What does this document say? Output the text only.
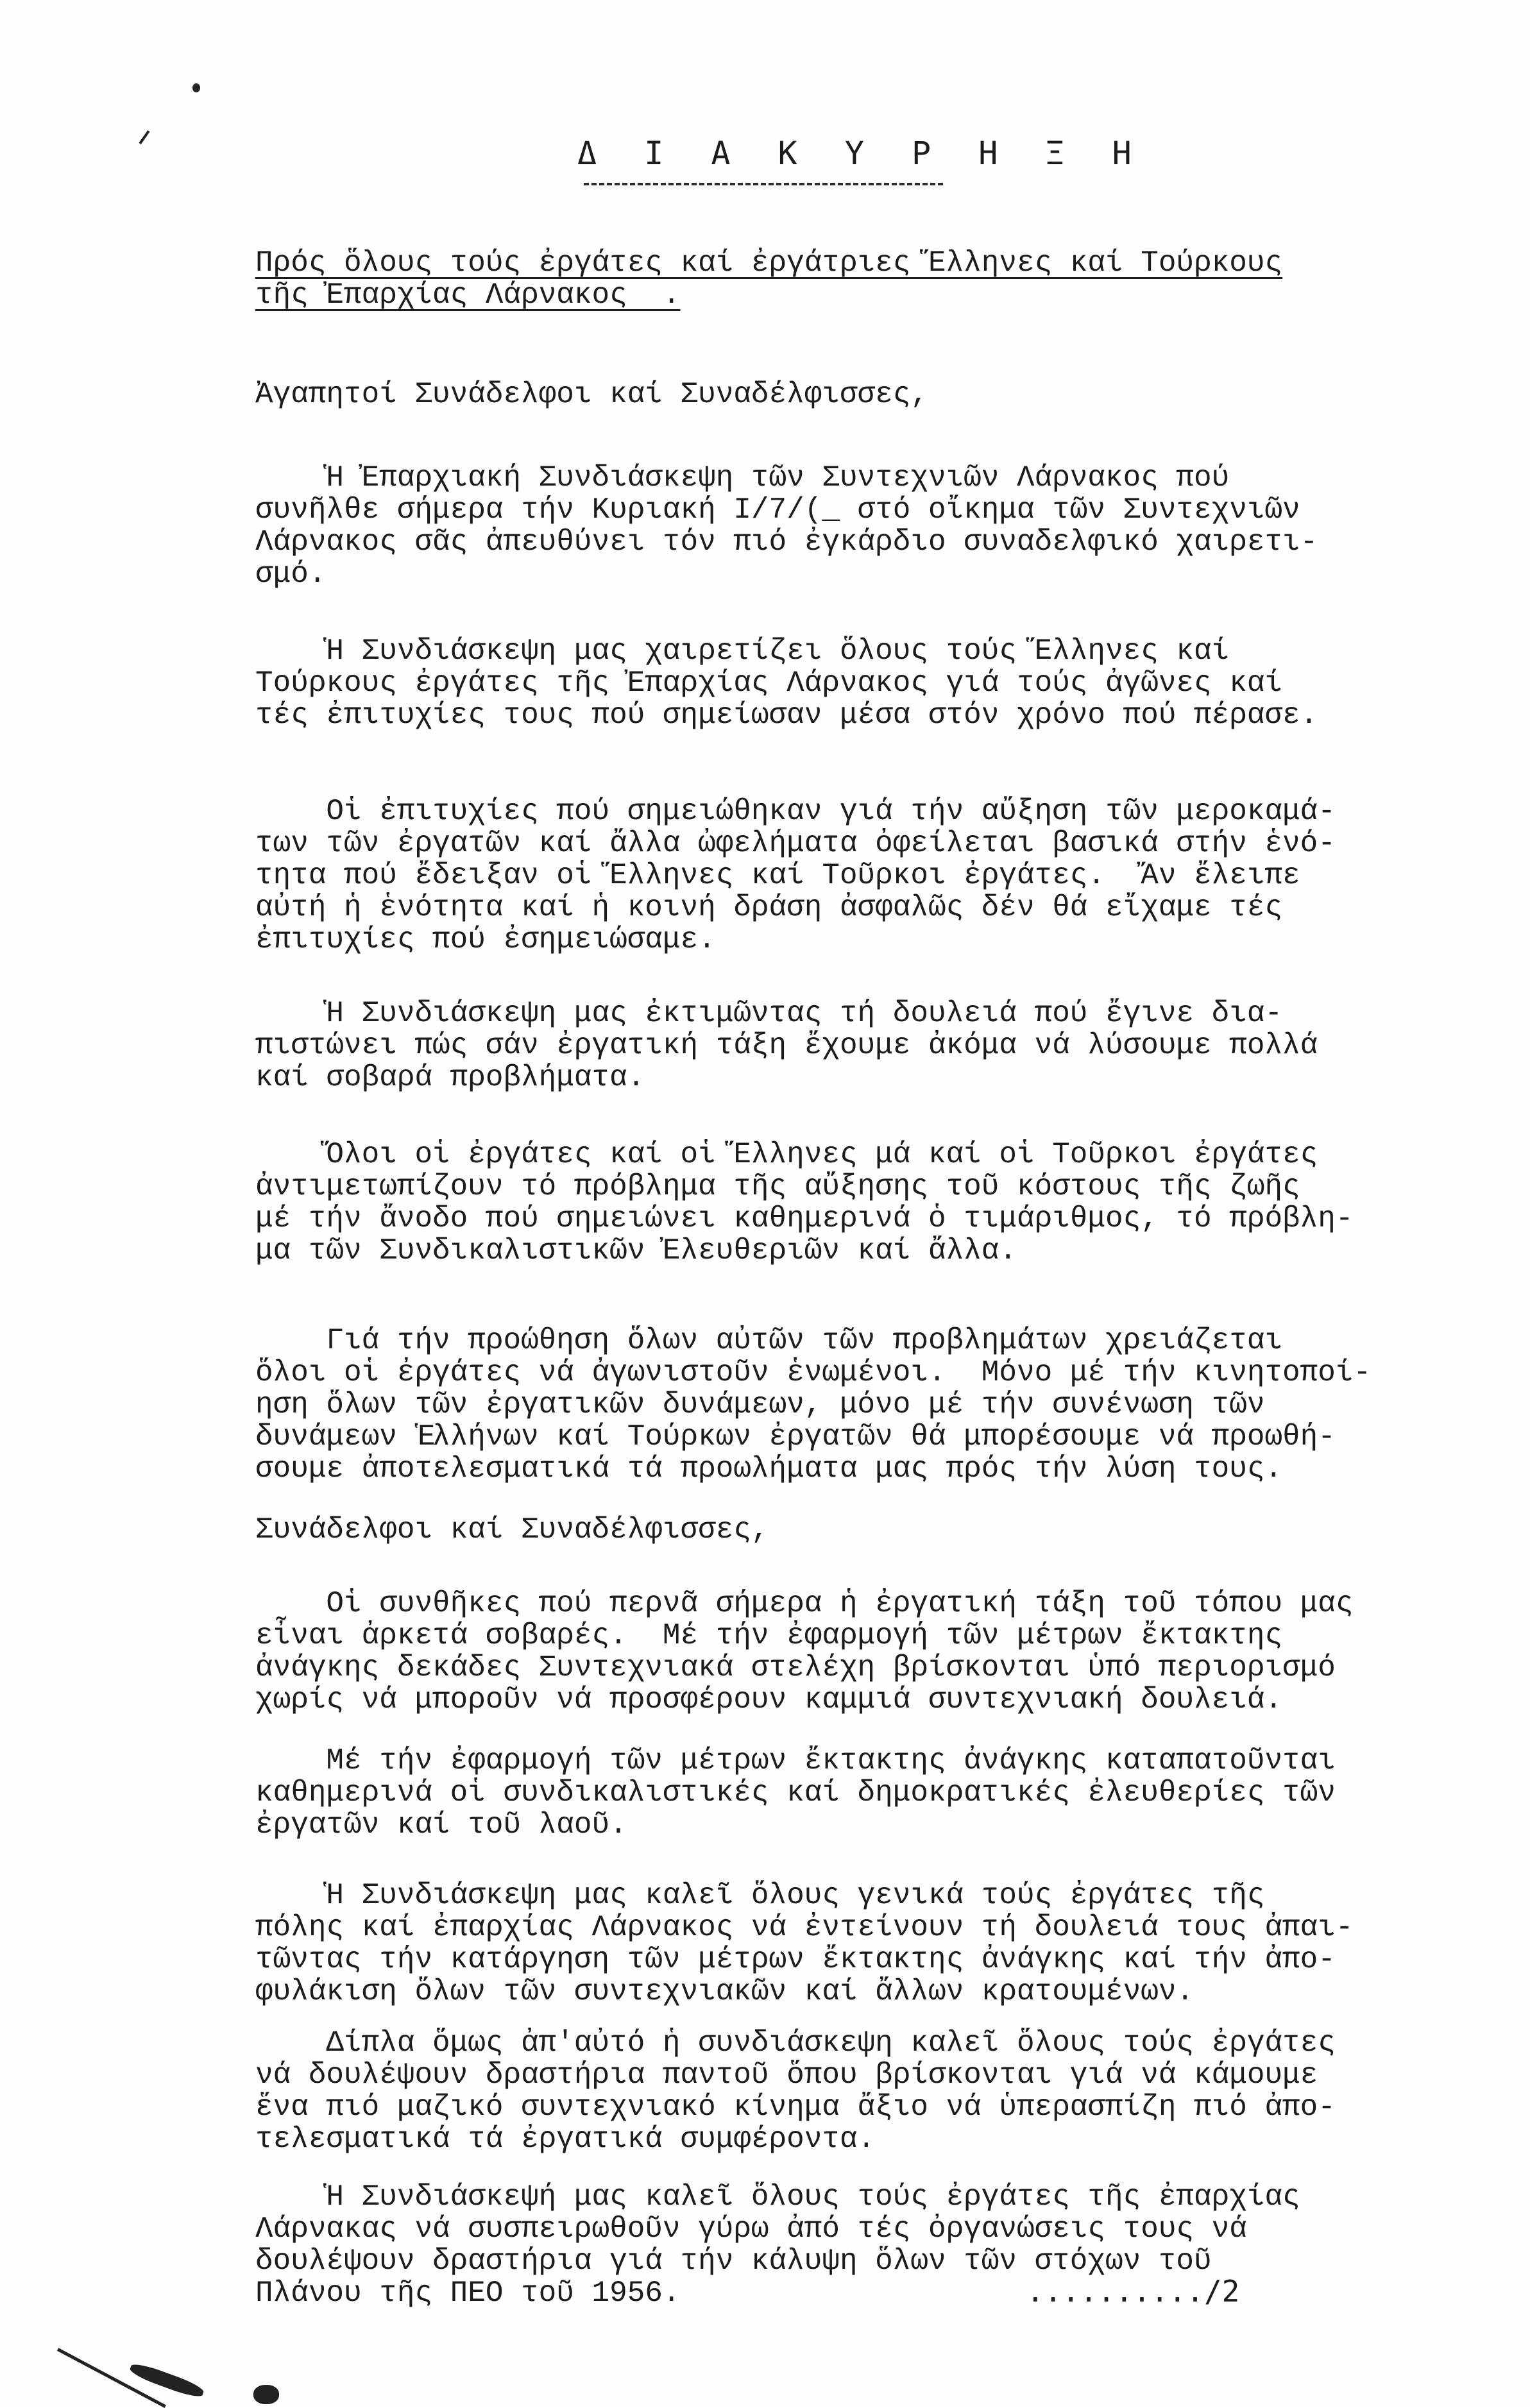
Δ Ι Α Κ Υ Ρ Η Ξ Η
Πρός ὅλους τούς ἐργάτες καί ἐργάτριες Ἕλληνες καί Τούρκους
τῆς Ἐπαρχίας Λάρνακος  .
Ἀγαπητοί Συνάδελφοι καί Συναδέλφισσες,
Ἡ Ἐπαρχιακή Συνδιάσκεψη τῶν Συντεχνιῶν Λάρνακος πού
συνῆλθε σήμερα τήν Κυριακή I/7/(_ στό οἴκημα τῶν Συντεχνιῶν
Λάρνακος σᾶς ἀπευθύνει τόν πιό ἐγκάρδιο συναδελφικό χαιρετι-
σμό.
Ἡ Συνδιάσκεψη μας χαιρετίζει ὅλους τούς Ἕλληνες καί
Τούρκους ἐργάτες τῆς Ἐπαρχίας Λάρνακος γιά τούς ἀγῶνες καί
τές ἐπιτυχίες τους πού σημείωσαν μέσα στόν χρόνο πού πέρασε.
Οἱ ἐπιτυχίες πού σημειώθηκαν γιά τήν αὔξηση τῶν μεροκαμά-
των τῶν ἐργατῶν καί ἄλλα ὠφελήματα ὀφείλεται βασικά στήν ἑνό-
τητα πού ἔδειξαν οἱ Ἕλληνες καί Τοῦρκοι ἐργάτες.  Ἄν ἔλειπε
αὐτή ἡ ἑνότητα καί ἡ κοινή δράση ἀσφαλῶς δέν θά εἴχαμε τές
ἐπιτυχίες πού ἐσημειώσαμε.
Ἡ Συνδιάσκεψη μας ἐκτιμῶντας τή δουλειά πού ἔγινε δια-
πιστώνει πώς σάν ἐργατική τάξη ἔχουμε ἀκόμα νά λύσουμε πολλά
καί σοβαρά προβλήματα.
Ὅλοι οἱ ἐργάτες καί οἱ Ἕλληνες μά καί οἱ Τοῦρκοι ἐργάτες
ἀντιμετωπίζουν τό πρόβλημα τῆς αὔξησης τοῦ κόστους τῆς ζωῆς
μέ τήν ἄνοδο πού σημειώνει καθημερινά ὁ τιμάριθμος, τό πρόβλη-
μα τῶν Συνδικαλιστικῶν Ἐλευθεριῶν καί ἄλλα.
Γιά τήν προώθηση ὅλων αὐτῶν τῶν προβλημάτων χρειάζεται
ὅλοι οἱ ἐργάτες νά ἀγωνιστοῦν ἑνωμένοι.  Μόνο μέ τήν κινητοποί-
ηση ὅλων τῶν ἐργατικῶν δυνάμεων, μόνο μέ τήν συνένωση τῶν
δυνάμεων Ἑλλήνων καί Τούρκων ἐργατῶν θά μπορέσουμε νά προωθή-
σουμε ἀποτελεσματικά τά προωλήματα μας πρός τήν λύση τους.
Συνάδελφοι καί Συναδέλφισσες,
Οἱ συνθῆκες πού περνᾶ σήμερα ἡ ἐργατική τάξη τοῦ τόπου μας
εἶναι ἀρκετά σοβαρές.  Μέ τήν ἐφαρμογή τῶν μέτρων ἔκτακτης
ἀνάγκης δεκάδες Συντεχνιακά στελέχη βρίσκονται ὑπό περιορισμό
χωρίς νά μποροῦν νά προσφέρουν καμμιά συντεχνιακή δουλειά.
Μέ τήν ἐφαρμογή τῶν μέτρων ἔκτακτης ἀνάγκης καταπατοῦνται
καθημερινά οἱ συνδικαλιστικές καί δημοκρατικές ἐλευθερίες τῶν
ἐργατῶν καί τοῦ λαοῦ.
Ἡ Συνδιάσκεψη μας καλεῖ ὅλους γενικά τούς ἐργάτες τῆς
πόλης καί ἐπαρχίας Λάρνακος νά ἐντείνουν τή δουλειά τους ἀπαι-
τῶντας τήν κατάργηση τῶν μέτρων ἔκτακτης ἀνάγκης καί τήν ἀπο-
φυλάκιση ὅλων τῶν συντεχνιακῶν καί ἄλλων κρατουμένων.
Δίπλα ὅμως ἀπ'αὐτό ἡ συνδιάσκεψη καλεῖ ὅλους τούς ἐργάτες
νά δουλέψουν δραστήρια παντοῦ ὅπου βρίσκονται γιά νά κάμουμε
ἕνα πιό μαζικό συντεχνιακό κίνημα ἄξιο νά ὑπερασπίζη πιό ἀπο-
τελεσματικά τά ἐργατικά συμφέροντα.
Ἡ Συνδιάσκεψή μας καλεῖ ὅλους τούς ἐργάτες τῆς ἐπαρχίας
Λάρνακας νά συσπειρωθοῦν γύρω ἀπό τές ὀργανώσεις τους νά
δουλέψουν δραστήρια γιά τήν κάλυψη ὅλων τῶν στόχων τοῦ
Πλάνου τῆς ΠΕΟ τοῦ 1956.	........../2
